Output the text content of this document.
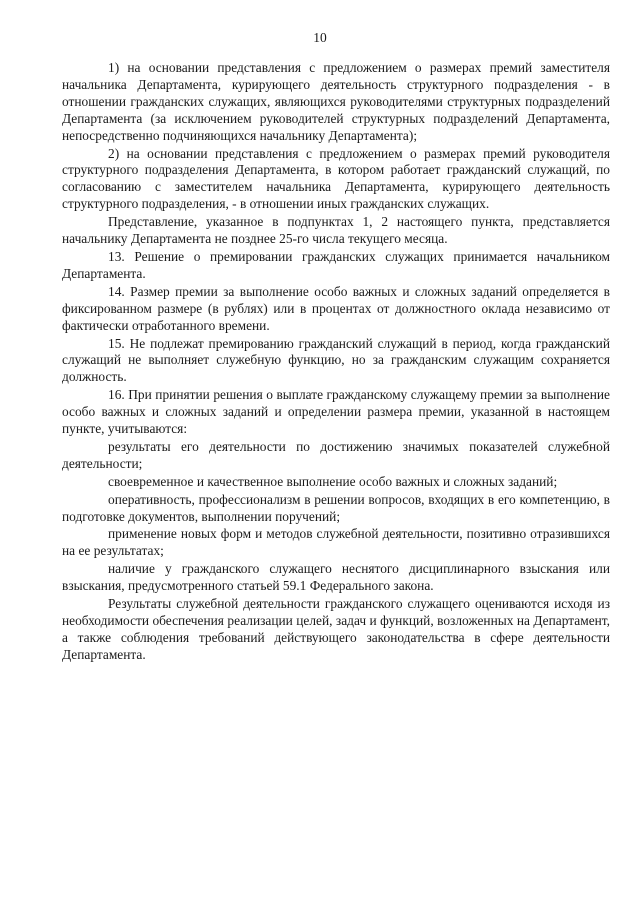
10

1) на основании представления с предложением о размерах премий заместителя начальника Департамента, курирующего деятельность структурного подразделения - в отношении гражданских служащих, являющихся руководителями структурных подразделений Департамента (за исключением руководителей структурных подразделений Департамента, непосредственно подчиняющихся начальнику Департамента);

2) на основании представления с предложением о размерах премий руководителя структурного подразделения Департамента, в котором работает гражданский служащий, по согласованию с заместителем начальника Департамента, курирующего деятельность структурного подразделения, - в отношении иных гражданских служащих.

Представление, указанное в подпунктах 1, 2 настоящего пункта, представляется начальнику Департамента не позднее 25-го числа текущего месяца.

13. Решение о премировании гражданских служащих принимается начальником Департамента.

14. Размер премии за выполнение особо важных и сложных заданий определяется в фиксированном размере (в рублях) или в процентах от должностного оклада независимо от фактически отработанного времени.

15. Не подлежат премированию гражданский служащий в период, когда гражданский служащий не выполняет служебную функцию, но за гражданским служащим сохраняется должность.

16. При принятии решения о выплате гражданскому служащему премии за выполнение особо важных и сложных заданий и определении размера премии, указанной в настоящем пункте, учитываются:

результаты его деятельности по достижению значимых показателей служебной деятельности;

своевременное и качественное выполнение особо важных и сложных заданий;

оперативность, профессионализм в решении вопросов, входящих в его компетенцию, в подготовке документов, выполнении поручений;

применение новых форм и методов служебной деятельности, позитивно отразившихся на ее результатах;

наличие у гражданского служащего неснятого дисциплинарного взыскания или взыскания, предусмотренного статьей 59.1 Федерального закона.

Результаты служебной деятельности гражданского служащего оцениваются исходя из необходимости обеспечения реализации целей, задач и функций, возложенных на Департамент, а также соблюдения требований действующего законодательства в сфере деятельности Департамента.
